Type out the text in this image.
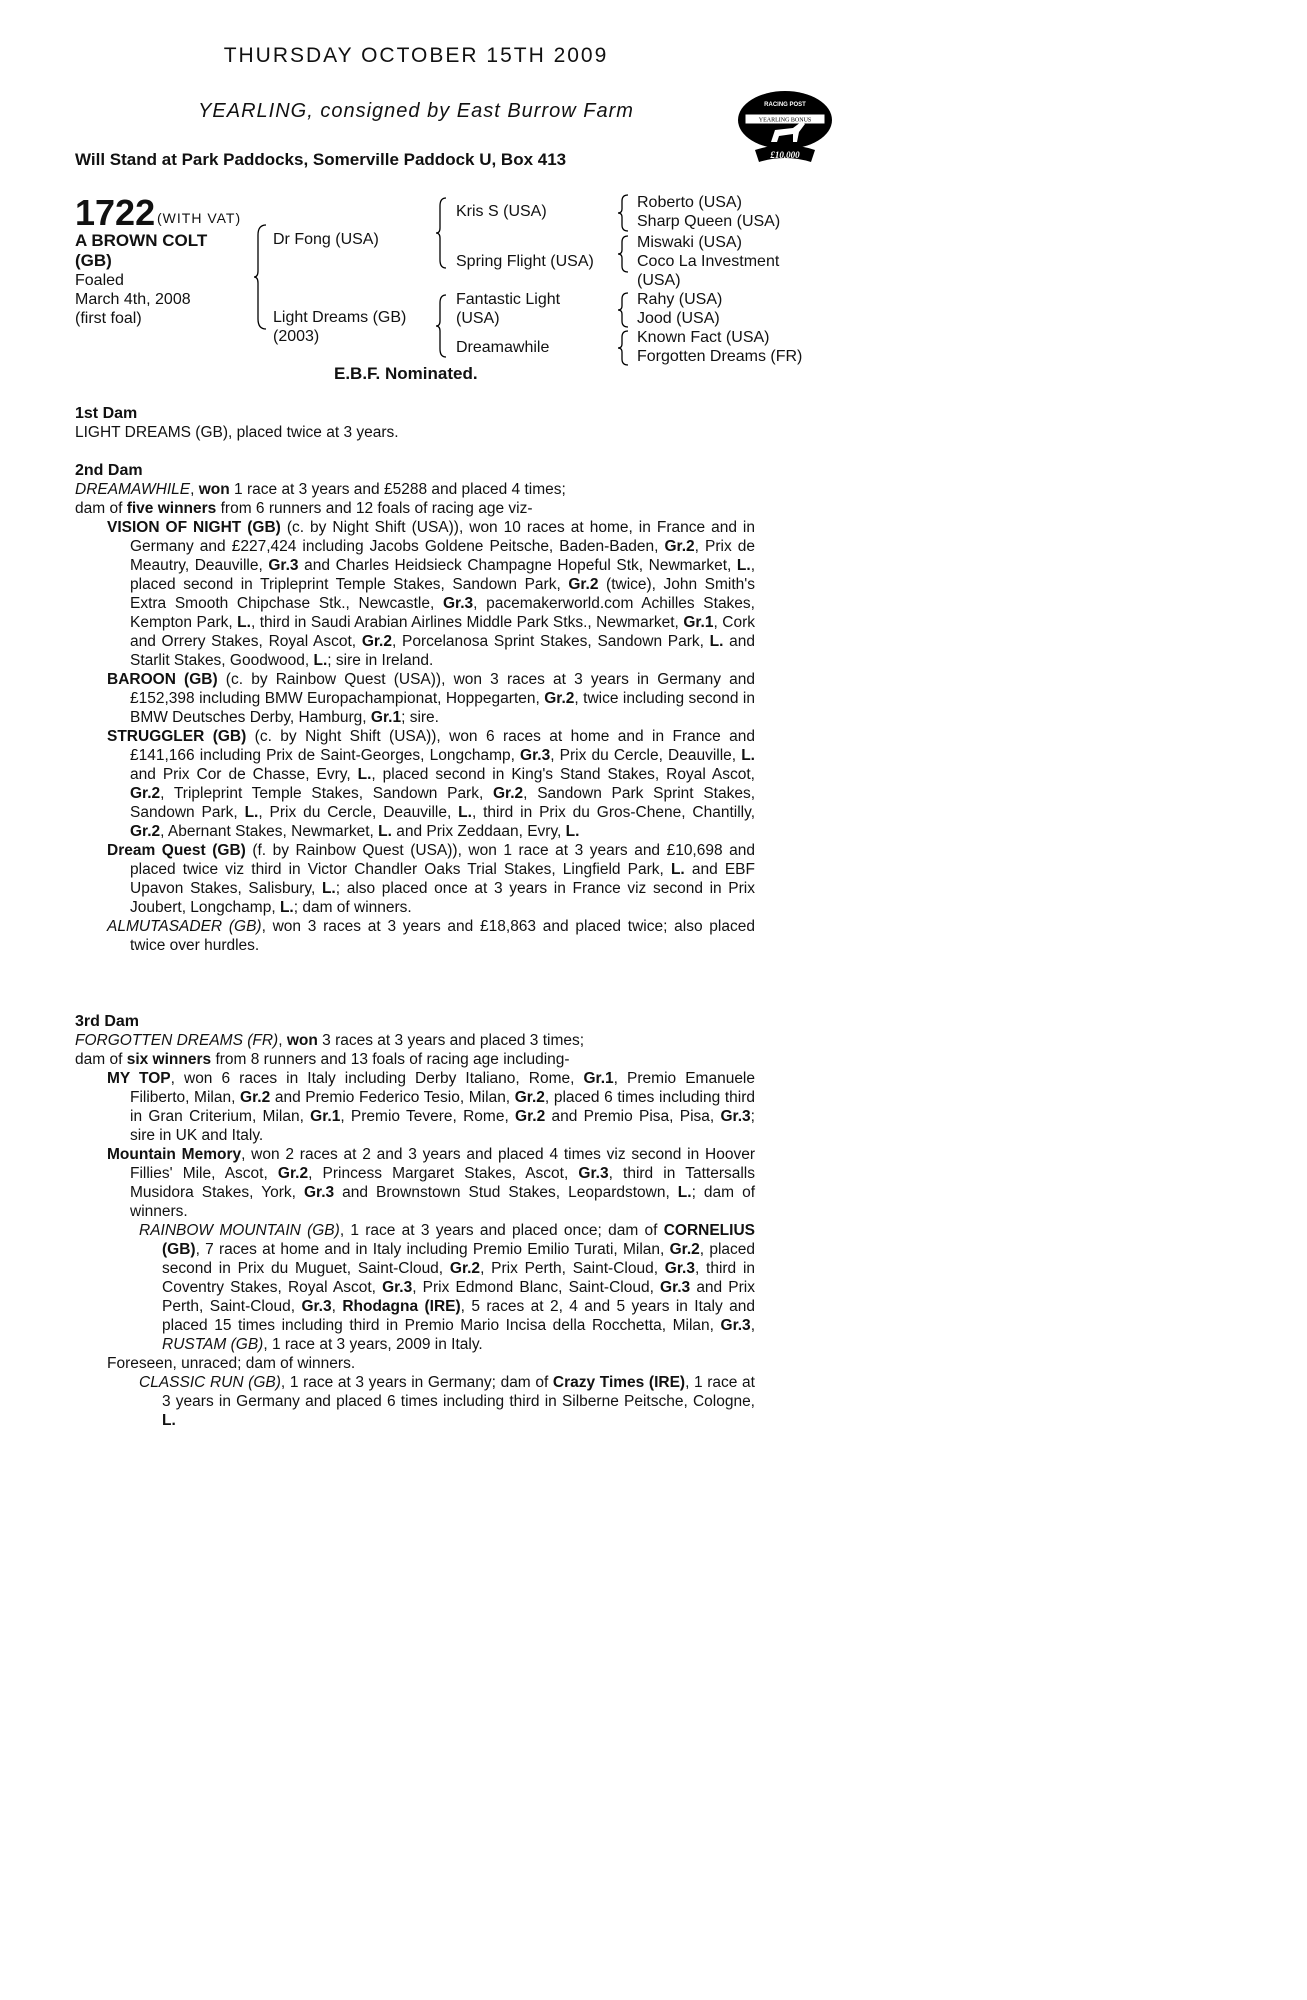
THURSDAY OCTOBER 15TH 2009
YEARLING, consigned by East Burrow Farm
Will Stand at Park Paddocks, Somerville Paddock U, Box 413
RACING POST
YEARLING BONUS
£10,000
1722 (WITH VAT)
A BROWN COLT (GB)
Foaled
March 4th, 2008
(first foal)
Dr Fong (USA)
Light Dreams (GB) (2003)
Kris S (USA)
Spring Flight (USA)
Fantastic Light (USA)
Dreamawhile
Roberto (USA)
Sharp Queen (USA)
Miswaki (USA)
Coco La Investment (USA)
Rahy (USA)
Jood (USA)
Known Fact (USA)
Forgotten Dreams (FR)
E.B.F. Nominated.

1st Dam

LIGHT DREAMS (GB), placed twice at 3 years.

2nd Dam

DREAMAWHILE, won 1 race at 3 years and £5288 and placed 4 times;

dam of five winners from 6 runners and 12 foals of racing age viz-

VISION OF NIGHT (GB) (c. by Night Shift (USA)), won 10 races at home, in France and in Germany and £227,424 including Jacobs Goldene Peitsche, Baden-Baden, Gr.2, Prix de Meautry, Deauville, Gr.3 and Charles Heidsieck Champagne Hopeful Stk, Newmarket, L., placed second in Tripleprint Temple Stakes, Sandown Park, Gr.2 (twice), John Smith's Extra Smooth Chipchase Stk., Newcastle, Gr.3, pacemakerworld.com Achilles Stakes, Kempton Park, L., third in Saudi Arabian Airlines Middle Park Stks., Newmarket, Gr.1, Cork and Orrery Stakes, Royal Ascot, Gr.2, Porcelanosa Sprint Stakes, Sandown Park, L. and Starlit Stakes, Goodwood, L.; sire in Ireland.

BAROON (GB) (c. by Rainbow Quest (USA)), won 3 races at 3 years in Germany and £152,398 including BMW Europachampionat, Hoppegarten, Gr.2, twice including second in BMW Deutsches Derby, Hamburg, Gr.1; sire.

STRUGGLER (GB) (c. by Night Shift (USA)), won 6 races at home and in France and £141,166 including Prix de Saint-Georges, Longchamp, Gr.3, Prix du Cercle, Deauville, L. and Prix Cor de Chasse, Evry, L., placed second in King's Stand Stakes, Royal Ascot, Gr.2, Tripleprint Temple Stakes, Sandown Park, Gr.2, Sandown Park Sprint Stakes, Sandown Park, L., Prix du Cercle, Deauville, L., third in Prix du Gros-Chene, Chantilly, Gr.2, Abernant Stakes, Newmarket, L. and Prix Zeddaan, Evry, L.

Dream Quest (GB) (f. by Rainbow Quest (USA)), won 1 race at 3 years and £10,698 and placed twice viz third in Victor Chandler Oaks Trial Stakes, Lingfield Park, L. and EBF Upavon Stakes, Salisbury, L.; also placed once at 3 years in France viz second in Prix Joubert, Longchamp, L.; dam of winners.

ALMUTASADER (GB), won 3 races at 3 years and £18,863 and placed twice; also placed twice over hurdles.

3rd Dam

FORGOTTEN DREAMS (FR), won 3 races at 3 years and placed 3 times;

dam of six winners from 8 runners and 13 foals of racing age including-

MY TOP, won 6 races in Italy including Derby Italiano, Rome, Gr.1, Premio Emanuele Filiberto, Milan, Gr.2 and Premio Federico Tesio, Milan, Gr.2, placed 6 times including third in Gran Criterium, Milan, Gr.1, Premio Tevere, Rome, Gr.2 and Premio Pisa, Pisa, Gr.3; sire in UK and Italy.

Mountain Memory, won 2 races at 2 and 3 years and placed 4 times viz second in Hoover Fillies' Mile, Ascot, Gr.2, Princess Margaret Stakes, Ascot, Gr.3, third in Tattersalls Musidora Stakes, York, Gr.3 and Brownstown Stud Stakes, Leopardstown, L.; dam of winners.

RAINBOW MOUNTAIN (GB), 1 race at 3 years and placed once; dam of CORNELIUS (GB), 7 races at home and in Italy including Premio Emilio Turati, Milan, Gr.2, placed second in Prix du Muguet, Saint-Cloud, Gr.2, Prix Perth, Saint-Cloud, Gr.3, third in Coventry Stakes, Royal Ascot, Gr.3, Prix Edmond Blanc, Saint-Cloud, Gr.3 and Prix Perth, Saint-Cloud, Gr.3, Rhodagna (IRE), 5 races at 2, 4 and 5 years in Italy and placed 15 times including third in Premio Mario Incisa della Rocchetta, Milan, Gr.3, RUSTAM (GB), 1 race at 3 years, 2009 in Italy.

Foreseen, unraced; dam of winners.

CLASSIC RUN (GB), 1 race at 3 years in Germany; dam of Crazy Times (IRE), 1 race at 3 years in Germany and placed 6 times including third in Silberne Peitsche, Cologne, L.
